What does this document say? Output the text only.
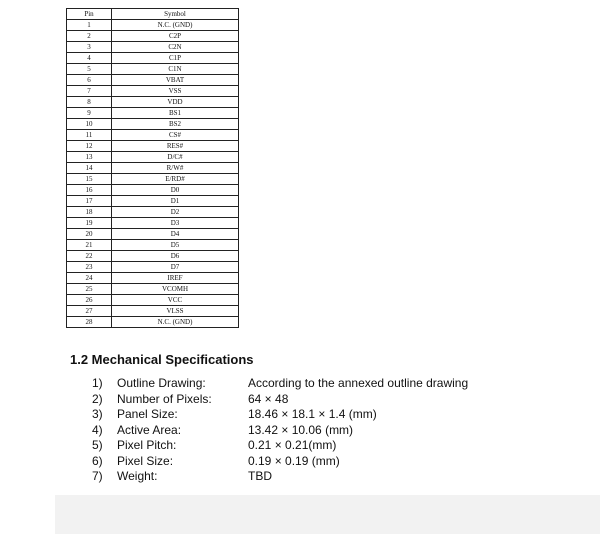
Pin	Symbol
1	N.C. (GND)
2	C2P
3	C2N
4	C1P
5	C1N
6	VBAT
7	VSS
8	VDD
9	BS1
10	BS2
11	CS#
12	RES#
13	D/C#
14	R/W#
15	E/RD#
16	D0
17	D1
18	D2
19	D3
20	D4
21	D5
22	D6
23	D7
24	IREF
25	VCOMH
26	VCC
27	VLSS
28	N.C. (GND)
1.2 Mechanical Specifications
1) Outline Drawing:	According to the annexed outline drawing
2) Number of Pixels:	64 × 48
3) Panel Size:	18.46 × 18.1 × 1.4 (mm)
4) Active Area:	13.42 × 10.06 (mm)
5) Pixel Pitch:	0.21 × 0.21(mm)
6) Pixel Size:	0.19 × 0.19 (mm)
7) Weight:	TBD
